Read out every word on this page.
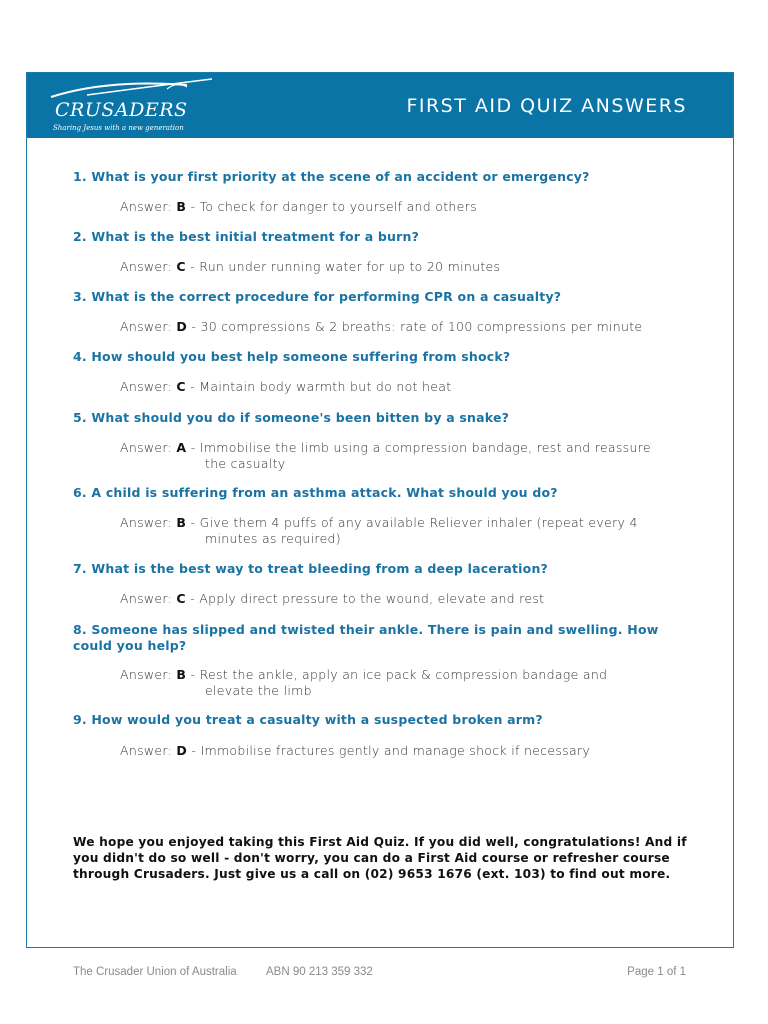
CRUSADERS
Sharing Jesus with a new generation
FIRST AID QUIZ ANSWERS
1. What is your first priority at the scene of an accident or emergency?
Answer: B - To check for danger to yourself and others
2. What is the best initial treatment for a burn?
Answer: C - Run under running water for up to 20 minutes
3. What is the correct procedure for performing CPR on a casualty?
Answer: D - 30 compressions & 2 breaths: rate of 100 compressions per minute
4. How should you best help someone suffering from shock?
Answer: C - Maintain body warmth but do not heat
5. What should you do if someone's been bitten by a snake?
Answer: A - Immobilise the limb using a compression bandage, rest and reassure
the casualty
6. A child is suffering from an asthma attack. What should you do?
Answer: B - Give them 4 puffs of any available Reliever inhaler (repeat every 4
minutes as required)
7. What is the best way to treat bleeding from a deep laceration?
Answer: C - Apply direct pressure to the wound, elevate and rest
8. Someone has slipped and twisted their ankle. There is pain and swelling. How could you help?
Answer: B - Rest the ankle, apply an ice pack & compression bandage and
elevate the limb
9. How would you treat a casualty with a suspected broken arm?
Answer: D - Immobilise fractures gently and manage shock if necessary
We hope you enjoyed taking this First Aid Quiz. If you did well, congratulations! And if you didn't do so well - don't worry, you can do a First Aid course or refresher course through Crusaders. Just give us a call on (02) 9653 1676 (ext. 103) to find out more.
The Crusader Union of Australia	ABN 90 213 359 332	Page 1 of 1
